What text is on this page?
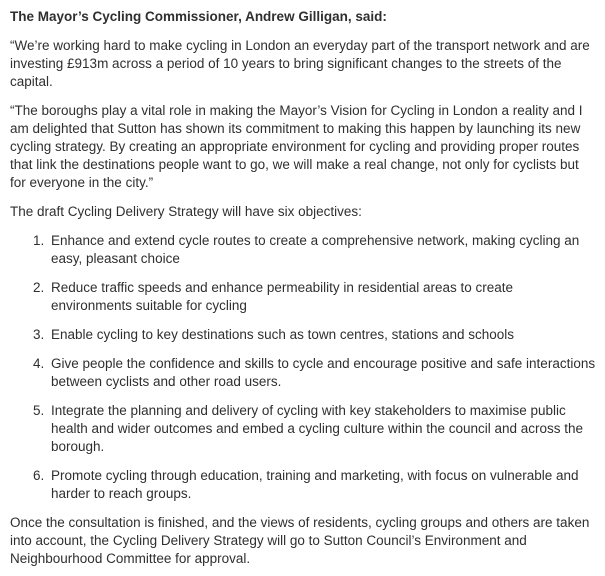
The Mayor’s Cycling Commissioner, Andrew Gilligan, said:

“We’re working hard to make cycling in London an everyday part of the transport network and are investing £913m across a period of 10 years to bring significant changes to the streets of the capital.

“The boroughs play a vital role in making the Mayor’s Vision for Cycling in London a reality and I am delighted that Sutton has shown its commitment to making this happen by launching its new cycling strategy. By creating an appropriate environment for cycling and providing proper routes that link the destinations people want to go, we will make a real change, not only for cyclists but for everyone in the city.”

The draft Cycling Delivery Strategy will have six objectives:

1. Enhance and extend cycle routes to create a comprehensive network, making cycling an easy, pleasant choice
2. Reduce traffic speeds and enhance permeability in residential areas to create environments suitable for cycling
3. Enable cycling to key destinations such as town centres, stations and schools
4. Give people the confidence and skills to cycle and encourage positive and safe interactions between cyclists and other road users.
5. Integrate the planning and delivery of cycling with key stakeholders to maximise public health and wider outcomes and embed a cycling culture within the council and across the borough.
6. Promote cycling through education, training and marketing, with focus on vulnerable and harder to reach groups.

Once the consultation is finished, and the views of residents, cycling groups and others are taken into account, the Cycling Delivery Strategy will go to Sutton Council’s Environment and Neighbourhood Committee for approval.
